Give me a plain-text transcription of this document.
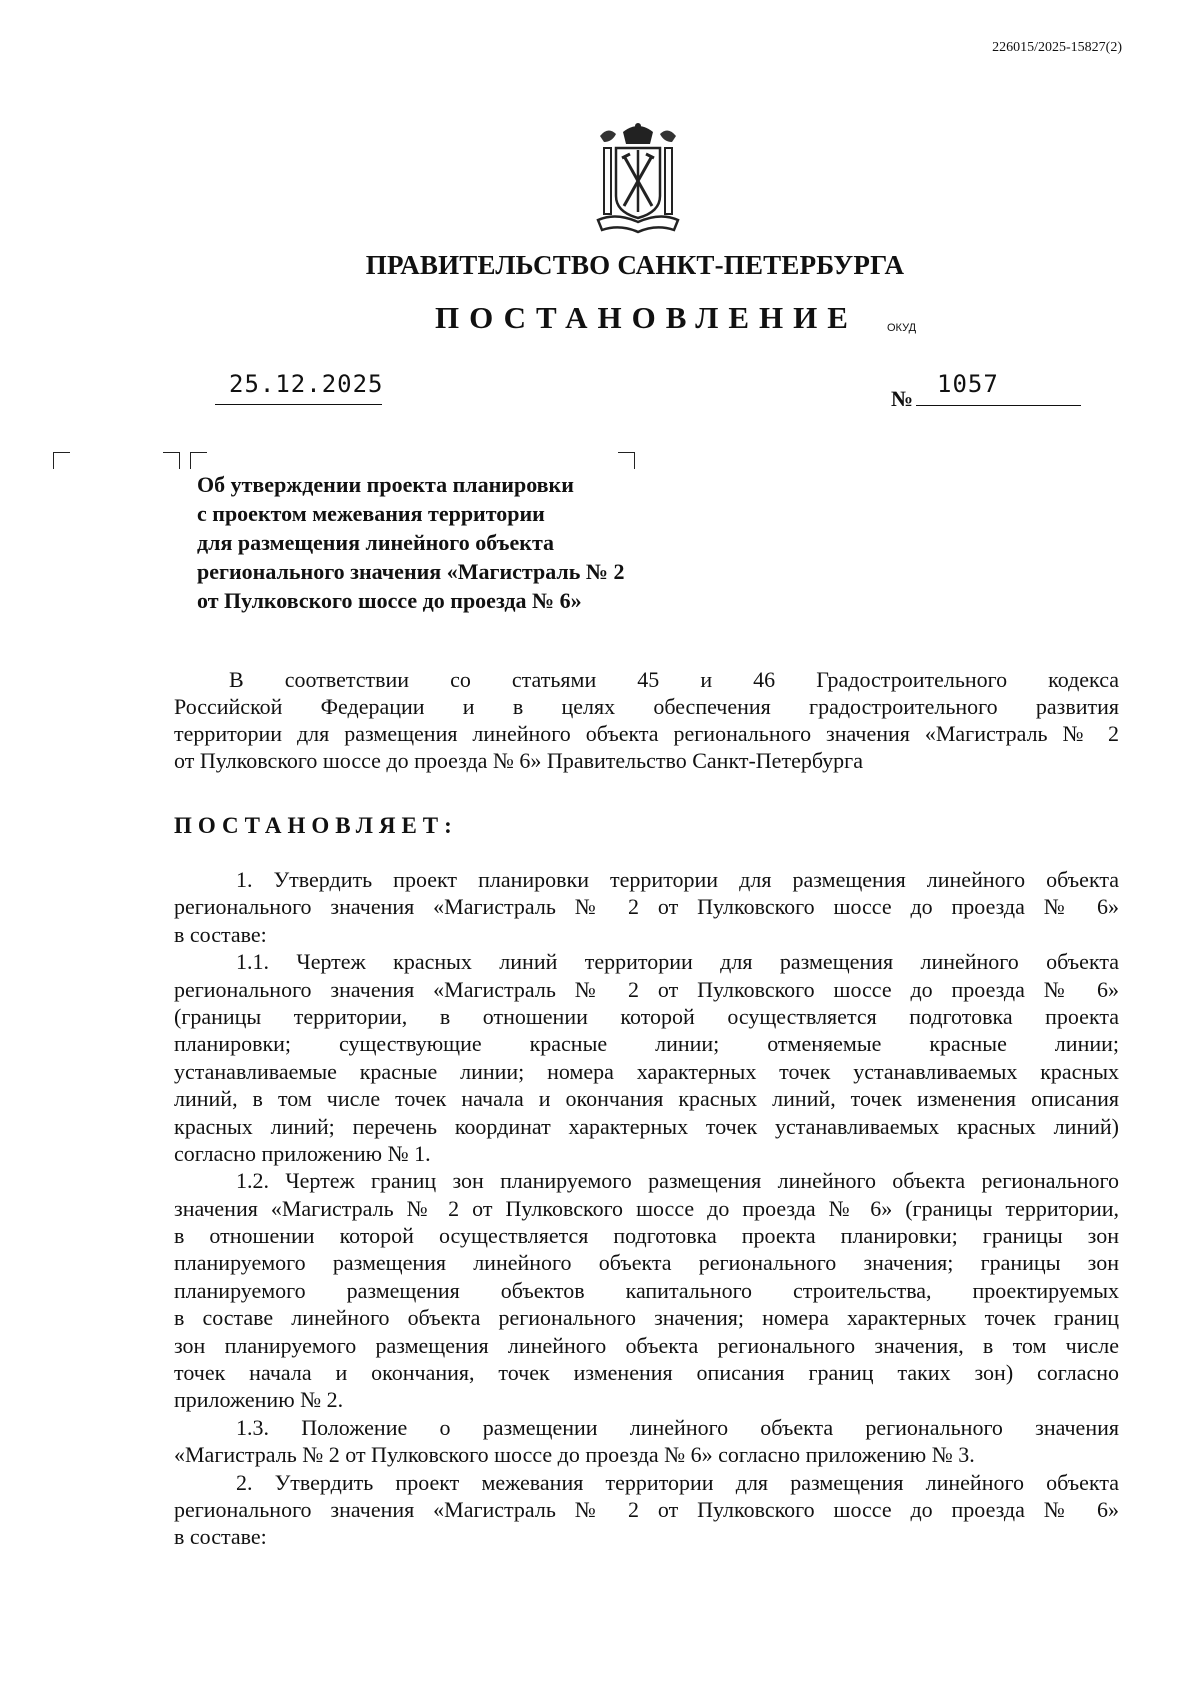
226015/2025-15827(2)
ПРАВИТЕЛЬСТВО САНКТ-ПЕТЕРБУРГА
ПОСТАНОВЛЕНИЕ	ОКУД
25.12.2025
№
1057
Об утверждении проекта планировки
с проектом межевания территории
для размещения линейного объекта
регионального значения «Магистраль № 2
от Пулковского шоссе до проезда № 6»
В соответствии со статьями 45 и 46 Градостроительного кодекса
Российской Федерации и в целях обеспечения градостроительного развития
территории для размещения линейного объекта регионального значения «Магистраль № 2
от Пулковского шоссе до проезда № 6» Правительство Санкт-Петербурга
ПОСТАНОВЛЯЕТ:
1. Утвердить проект планировки территории для размещения линейного объекта
регионального значения «Магистраль № 2 от Пулковского шоссе до проезда № 6»
в составе:
1.1. Чертеж красных линий территории для размещения линейного объекта
регионального значения «Магистраль № 2 от Пулковского шоссе до проезда № 6»
(границы территории, в отношении которой осуществляется подготовка проекта
планировки; существующие красные линии; отменяемые красные линии;
устанавливаемые красные линии; номера характерных точек устанавливаемых красных
линий, в том числе точек начала и окончания красных линий, точек изменения описания
красных линий; перечень координат характерных точек устанавливаемых красных линий)
согласно приложению № 1.
1.2. Чертеж границ зон планируемого размещения линейного объекта регионального
значения «Магистраль № 2 от Пулковского шоссе до проезда № 6» (границы территории,
в отношении которой осуществляется подготовка проекта планировки; границы зон
планируемого размещения линейного объекта регионального значения; границы зон
планируемого размещения объектов капитального строительства, проектируемых
в составе линейного объекта регионального значения; номера характерных точек границ
зон планируемого размещения линейного объекта регионального значения, в том числе
точек начала и окончания, точек изменения описания границ таких зон) согласно
приложению № 2.
1.3. Положение о размещении линейного объекта регионального значения
«Магистраль № 2 от Пулковского шоссе до проезда № 6» согласно приложению № 3.
2. Утвердить проект межевания территории для размещения линейного объекта
регионального значения «Магистраль № 2 от Пулковского шоссе до проезда № 6»
в составе:
